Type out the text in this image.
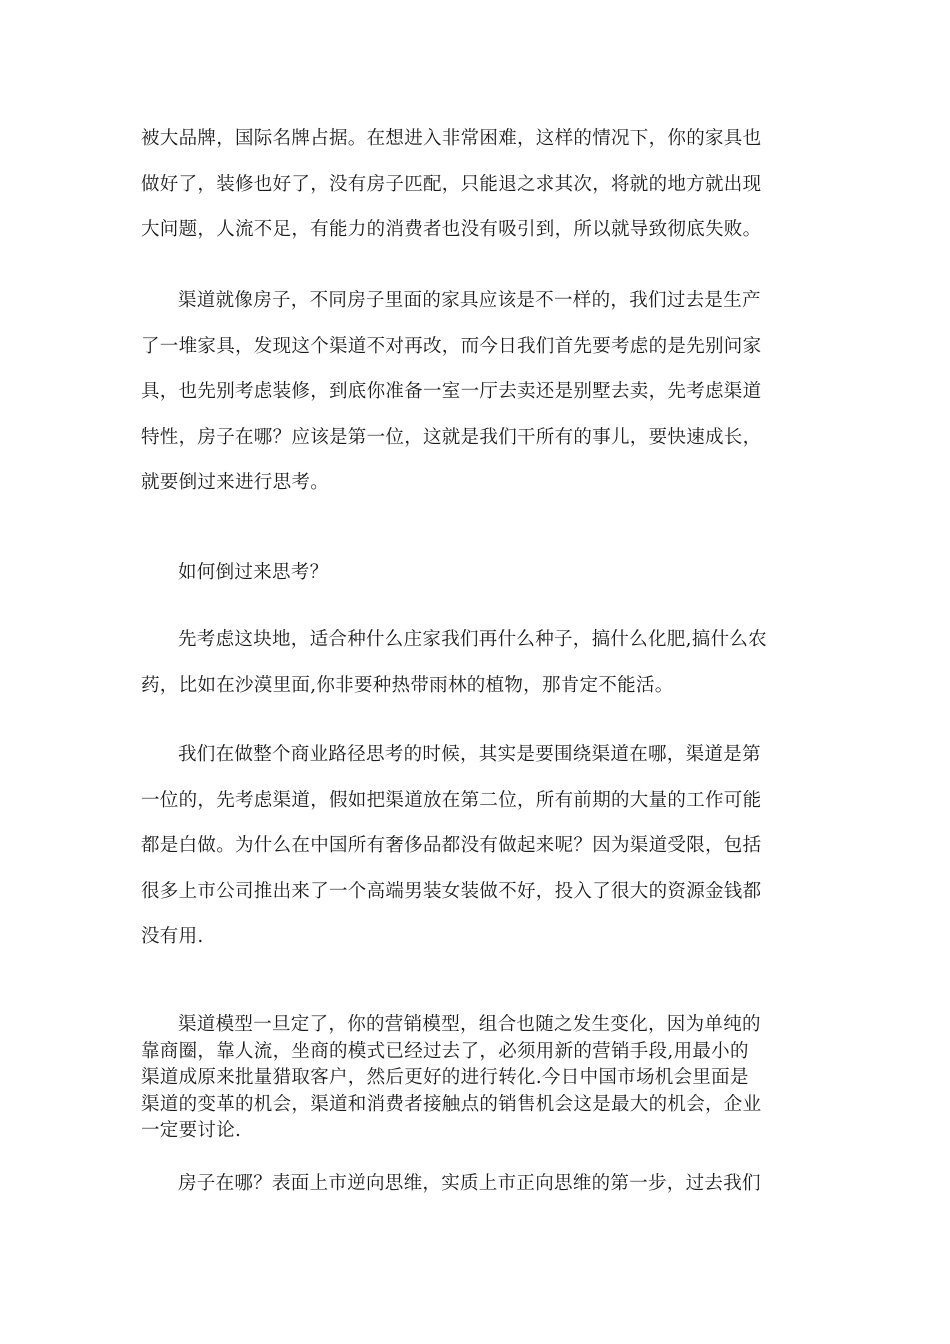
被大品牌，国际名牌占据。在想进入非常困难，这样的情况下，你的家具也
做好了，装修也好了，没有房子匹配，只能退之求其次，将就的地方就出现
大问题，人流不足，有能力的消费者也没有吸引到，所以就导致彻底失败。

渠道就像房子，不同房子里面的家具应该是不一样的，我们过去是生产
了一堆家具，发现这个渠道不对再改，而今日我们首先要考虑的是先别问家
具，也先别考虑装修，到底你准备一室一厅去卖还是别墅去卖，先考虑渠道
特性，房子在哪？应该是第一位，这就是我们干所有的事儿，要快速成长，
就要倒过来进行思考。

如何倒过来思考？

先考虑这块地，适合种什么庄家我们再什么种子，搞什么化肥,搞什么农
药，比如在沙漠里面,你非要种热带雨林的植物，那肯定不能活。

我们在做整个商业路径思考的时候，其实是要围绕渠道在哪，渠道是第
一位的，先考虑渠道，假如把渠道放在第二位，所有前期的大量的工作可能
都是白做。为什么在中国所有奢侈品都没有做起来呢？因为渠道受限，包括
很多上市公司推出来了一个高端男装女装做不好，投入了很大的资源金钱都
没有用.

渠道模型一旦定了，你的营销模型，组合也随之发生变化，因为单纯的
靠商圈，靠人流，坐商的模式已经过去了，必须用新的营销手段,用最小的
渠道成原来批量猎取客户，然后更好的进行转化.今日中国市场机会里面是
渠道的变革的机会，渠道和消费者接触点的销售机会这是最大的机会，企业
一定要讨论.

房子在哪？表面上市逆向思维，实质上市正向思维的第一步，过去我们
